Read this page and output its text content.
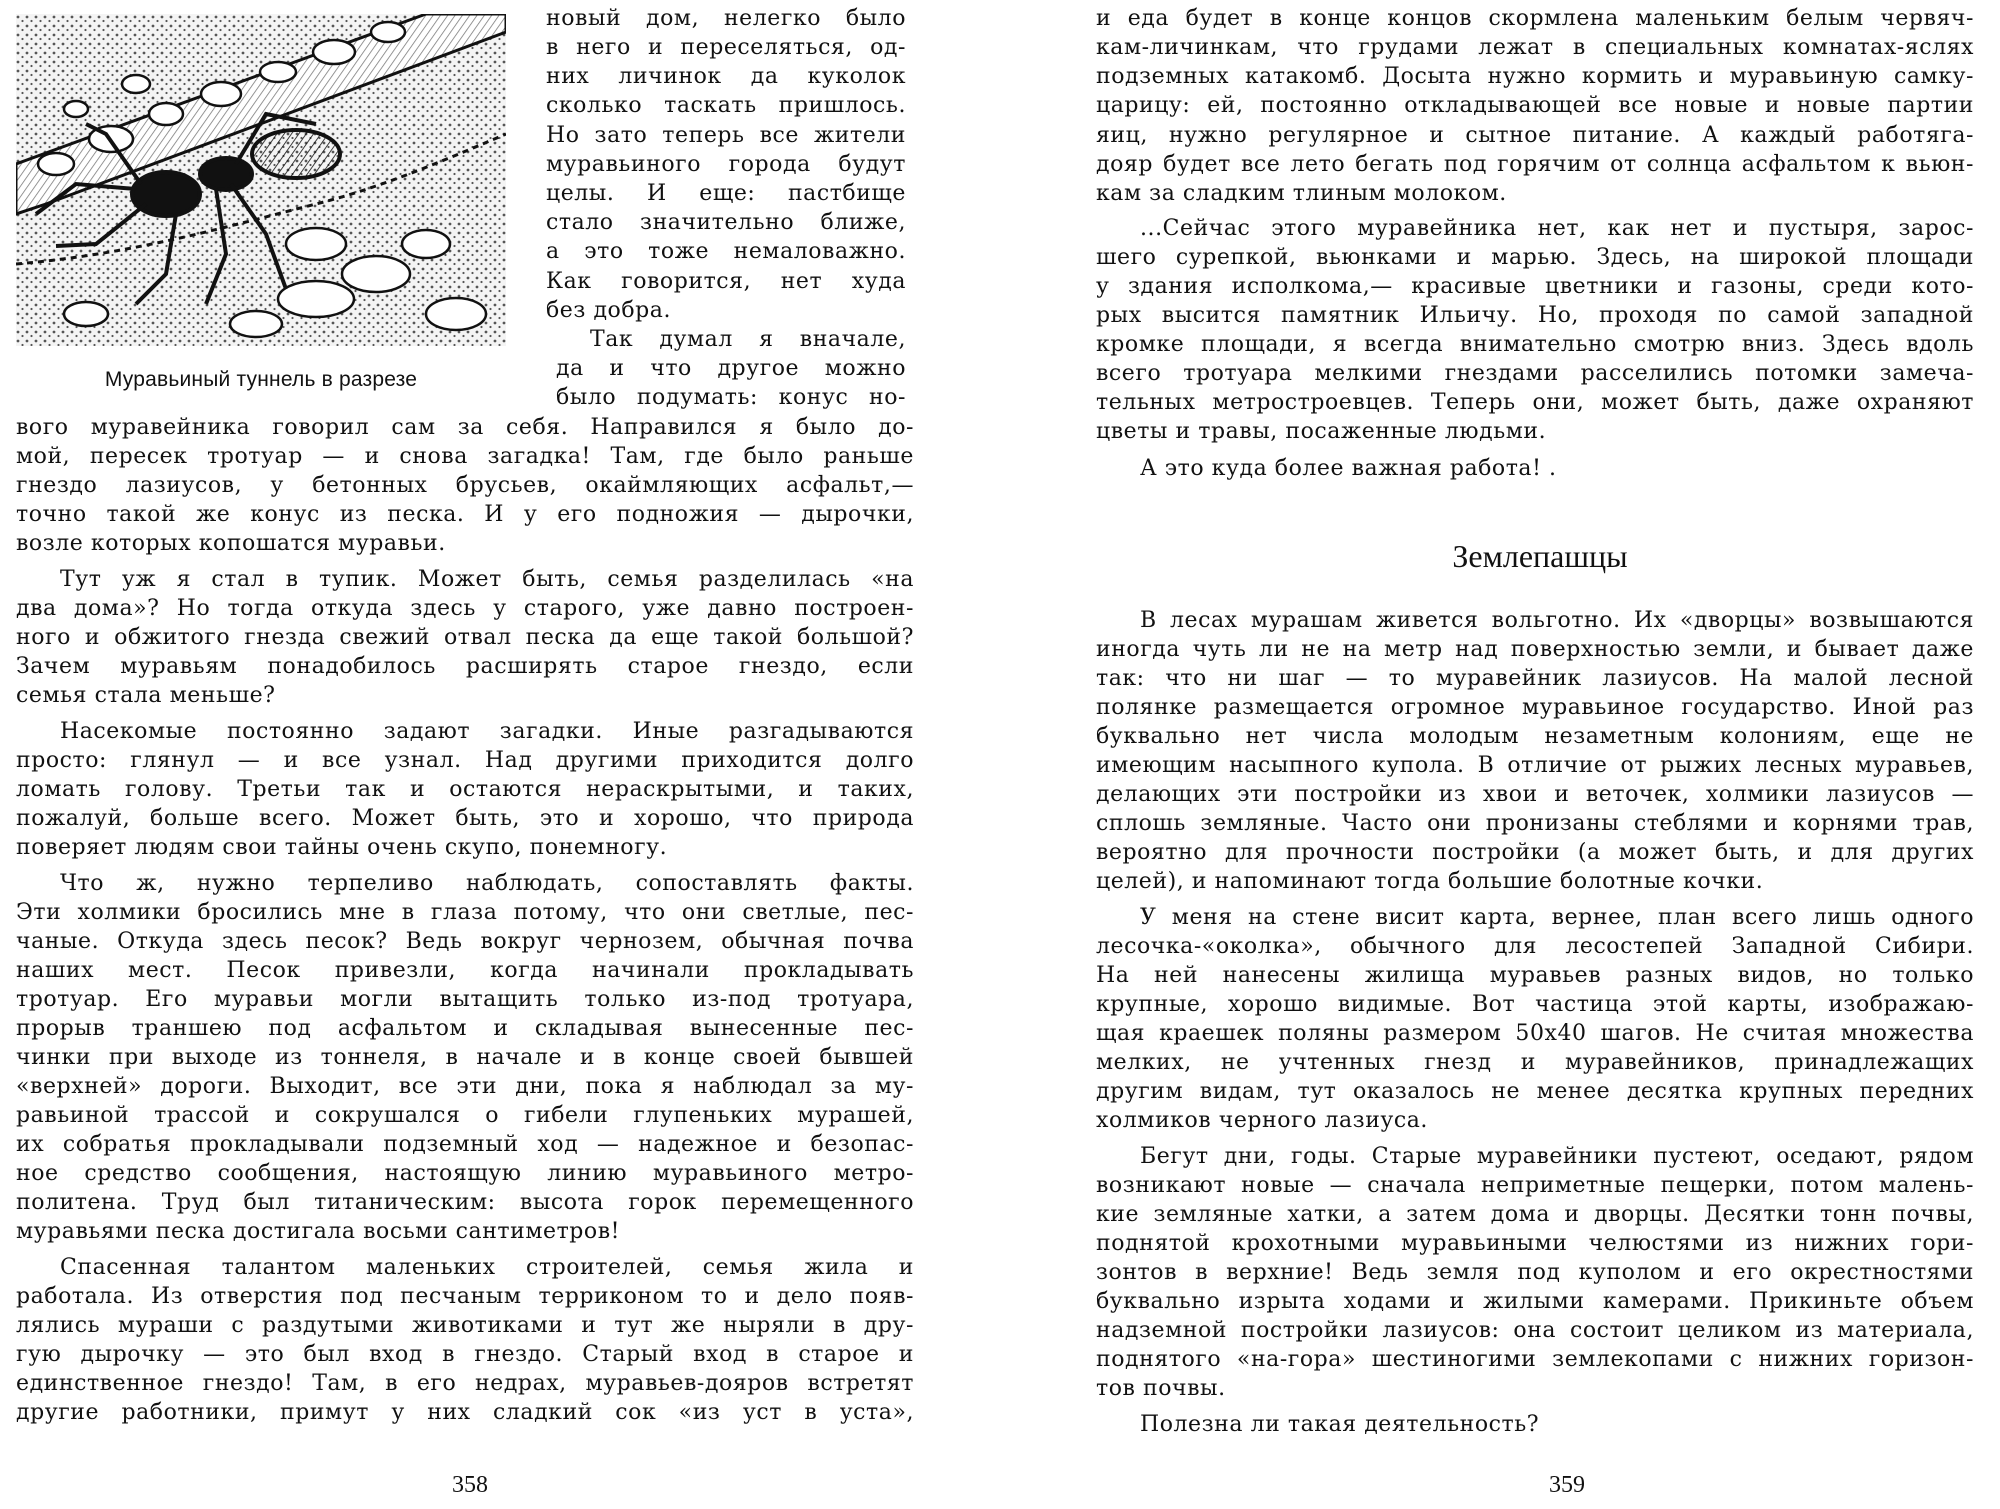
Муравьиный туннель в разрезе
новый дом, нелегко было
в него и переселяться, од-
них личинок да куколок
сколько таскать пришлось.
Но зато теперь все жители
муравьиного города будут
целы. И еще: пастбище
стало значительно ближе,
а это тоже немаловажно.
Как говорится, нет худа
без добра.
Так думал я вначале,
да и что другое можно
было подумать: конус но-
вого муравейника говорил сам за себя. Направился я было до-
мой, пересек тротуар — и снова загадка! Там, где было раньше
гнездо лазиусов, у бетонных брусьев, окаймляющих асфальт,—
точно такой же конус из песка. И у его подножия — дырочки,
возле которых копошатся муравьи.
Тут уж я стал в тупик. Может быть, семья разделилась «на
два дома»? Но тогда откуда здесь у старого, уже давно построен-
ного и обжитого гнезда свежий отвал песка да еще такой большой?
Зачем муравьям понадобилось расширять старое гнездо, если
семья стала меньше?
Насекомые постоянно задают загадки. Иные разгадываются
просто: глянул — и все узнал. Над другими приходится долго
ломать голову. Третьи так и остаются нераскрытыми, и таких,
пожалуй, больше всего. Может быть, это и хорошо, что природа
поверяет людям свои тайны очень скупо, понемногу.
Что ж, нужно терпеливо наблюдать, сопоставлять факты.
Эти холмики бросились мне в глаза потому, что они светлые, пес-
чаные. Откуда здесь песок? Ведь вокруг чернозем, обычная почва
наших мест. Песок привезли, когда начинали прокладывать
тротуар. Его муравьи могли вытащить только из-под тротуара,
прорыв траншею под асфальтом и складывая вынесенные пес-
чинки при выходе из тоннеля, в начале и в конце своей бывшей
«верхней» дороги. Выходит, все эти дни, пока я наблюдал за му-
равьиной трассой и сокрушался о гибели глупеньких мурашей,
их собратья прокладывали подземный ход — надежное и безопас-
ное средство сообщения, настоящую линию муравьиного метро-
политена. Труд был титаническим: высота горок перемещенного
муравьями песка достигала восьми сантиметров!
Спасенная талантом маленьких строителей, семья жила и
работала. Из отверстия под песчаным терриконом то и дело появ-
лялись мураши с раздутыми животиками и тут же ныряли в дру-
гую дырочку — это был вход в гнездо. Старый вход в старое и
единственное гнездо! Там, в его недрах, муравьев-дояров встретят
другие работники, примут у них сладкий сок «из уст в уста»,
358
и еда будет в конце концов скормлена маленьким белым червяч-
кам-личинкам, что грудами лежат в специальных комнатах-яслях
подземных катакомб. Досыта нужно кормить и муравьиную самку-
царицу: ей, постоянно откладывающей все новые и новые партии
яиц, нужно регулярное и сытное питание. А каждый работяга-
дояр будет все лето бегать под горячим от солнца асфальтом к вьюн-
кам за сладким тлиным молоком.
...Сейчас этого муравейника нет, как нет и пустыря, зарос-
шего сурепкой, вьюнками и марью. Здесь, на широкой площади
у здания исполкома,— красивые цветники и газоны, среди кото-
рых высится памятник Ильичу. Но, проходя по самой западной
кромке площади, я всегда внимательно смотрю вниз. Здесь вдоль
всего тротуара мелкими гнездами расселились потомки замеча-
тельных метростроевцев. Теперь они, может быть, даже охраняют
цветы и травы, посаженные людьми.
А это куда более важная работа! .
Землепашцы
В лесах мурашам живется вольготно. Их «дворцы» возвышаются
иногда чуть ли не на метр над поверхностью земли, и бывает даже
так: что ни шаг — то муравейник лазиусов. На малой лесной
полянке размещается огромное муравьиное государство. Иной раз
буквально нет числа молодым незаметным колониям, еще не
имеющим насыпного купола. В отличие от рыжих лесных муравьев,
делающих эти постройки из хвои и веточек, холмики лазиусов —
сплошь земляные. Часто они пронизаны стеблями и корнями трав,
вероятно для прочности постройки (а может быть, и для других
целей), и напоминают тогда большие болотные кочки.
У меня на стене висит карта, вернее, план всего лишь одного
лесочка-«околка», обычного для лесостепей Западной Сибири.
На ней нанесены жилища муравьев разных видов, но только
крупные, хорошо видимые. Вот частица этой карты, изображаю-
щая краешек поляны размером 50х40 шагов. Не считая множества
мелких, не учтенных гнезд и муравейников, принадлежащих
другим видам, тут оказалось не менее десятка крупных передних
холмиков черного лазиуса.
Бегут дни, годы. Старые муравейники пустеют, оседают, рядом
возникают новые — сначала неприметные пещерки, потом малень-
кие земляные хатки, а затем дома и дворцы. Десятки тонн почвы,
поднятой крохотными муравьиными челюстями из нижних гори-
зонтов в верхние! Ведь земля под куполом и его окрестностями
буквально изрыта ходами и жилыми камерами. Прикиньте объем
надземной постройки лазиусов: она состоит целиком из материала,
поднятого «на-гора» шестиногими землекопами с нижних горизон-
тов почвы.
Полезна ли такая деятельность?
359
